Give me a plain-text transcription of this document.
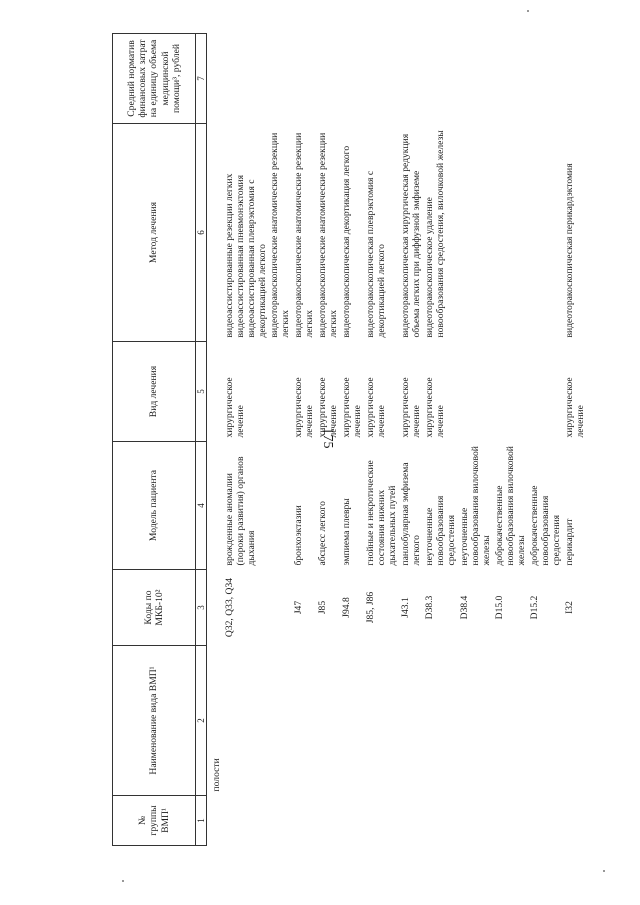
175
№ группы ВМП¹	Наименование вида ВМП¹	Коды по МКБ-10²	Модель пациента	Вид лечения	Метод лечения	Средний норматив финансовых затрат на единицу объема медицинской помощи³, рублей
1	2	3	4	5	6	7
	полости					
		Q32, Q33, Q34	врожденные аномалии (пороки развития) органов дыхания	хирургическое лечение	видеоассистированные резекции легких видеоассистированная пневмонэктомия видеоассистированная плеврэктомия с декортикацией легкого видеоторакоскопические анатомические резекции легких	

		J47	бронхоэктазии	хирургическое лечение	видеоторакоскопические анатомические резекции легких	

		J85	абсцесс легкого	хирургическое лечение	видеоторакоскопические анатомические резекции легких	

		J94.8	эмпиема плевры	хирургическое лечение	видеоторакоскопическая декортикация легкого	

		J85, J86	гнойные и некротические состояния нижних дыхательных путей	хирургическое лечение	видеоторакоскопическая плеврэктомия с декортикацией легкого	

		J43.1	панлобулярная эмфизема легкого	хирургическое лечение	видеоторакоскопическая хирургическая редукция объема легких при диффузной эмфиземе	

		D38.3	неуточненные новообразования средостения	хирургическое лечение	видеоторакоскопическое удаление новообразования средостения, вилочковой железы	

		D38.4	неуточненные новообразования вилочковой железы			
		D15.0	доброкачественные новообразования вилочковой железы			
		D15.2	доброкачественные новообразования средостения			
		I32	перикардит	хирургическое лечение	видеоторакоскопическая перикардэктомия	
